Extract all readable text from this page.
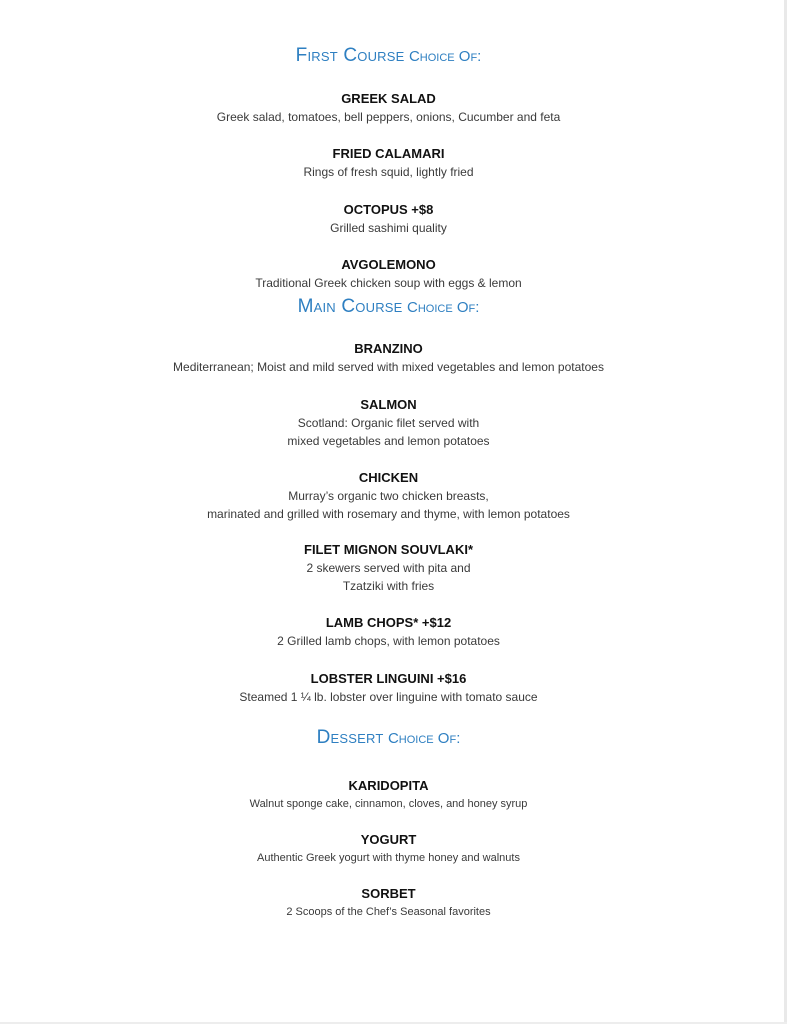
First Course Choice Of:
GREEK SALAD
Greek salad, tomatoes, bell peppers, onions, Cucumber and feta
FRIED CALAMARI
Rings of fresh squid, lightly fried
OCTOPUS +$8
Grilled sashimi quality
AVGOLEMONO
Traditional Greek chicken soup with eggs & lemon
Main Course Choice Of:
BRANZINO
Mediterranean; Moist and mild served with mixed vegetables and lemon potatoes
SALMON
Scotland: Organic filet served with
mixed vegetables and lemon potatoes
CHICKEN
Murray’s organic two chicken breasts,
marinated and grilled with rosemary and thyme, with lemon potatoes
FILET MIGNON SOUVLAKI*
2 skewers served with pita and
Tzatziki with fries
LAMB CHOPS* +$12
2 Grilled lamb chops, with lemon potatoes
LOBSTER LINGUINI +$16
Steamed 1 ¼ lb. lobster over linguine with tomato sauce
Dessert Choice Of:
KARIDOPITA
Walnut sponge cake, cinnamon, cloves, and honey syrup
YOGURT
Authentic Greek yogurt with thyme honey and walnuts
SORBET
2 Scoops of the Chef’s Seasonal favorites
